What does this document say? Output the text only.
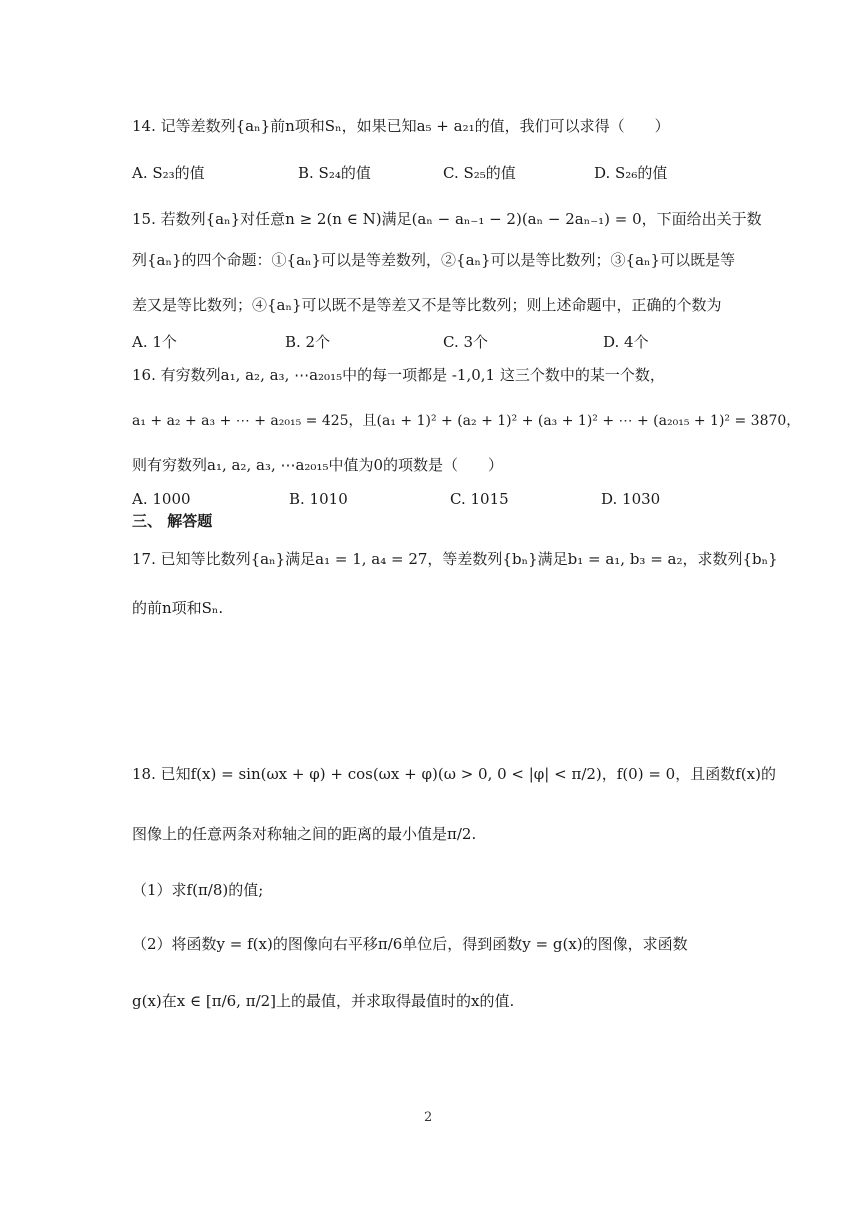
14. 记等差数列{aₙ}前n项和Sₙ，如果已知a₅ + a₂₁的值，我们可以求得（　　）
A. S₂₃的值	B. S₂₄的值	C. S₂₅的值	D. S₂₆的值
15. 若数列{aₙ}对任意n ≥ 2(n ∈ N)满足(aₙ − aₙ₋₁ − 2)(aₙ − 2aₙ₋₁) = 0，下面给出关于数
列{aₙ}的四个命题：①{aₙ}可以是等差数列，②{aₙ}可以是等比数列；③{aₙ}可以既是等
差又是等比数列；④{aₙ}可以既不是等差又不是等比数列；则上述命题中，正确的个数为
A. 1个	B. 2个	C. 3个	D. 4个
16. 有穷数列a₁, a₂, a₃, ⋯a₂₀₁₅中的每一项都是 -1,0,1 这三个数中的某一个数，
a₁ + a₂ + a₃ + ⋯ + a₂₀₁₅ = 425，且(a₁ + 1)² + (a₂ + 1)² + (a₃ + 1)² + ⋯ + (a₂₀₁₅ + 1)² = 3870，
则有穷数列a₁, a₂, a₃, ⋯a₂₀₁₅中值为0的项数是（　　）
A. 1000	B. 1010	C. 1015	D. 1030
三、 解答题
17. 已知等比数列{aₙ}满足a₁ = 1, a₄ = 27，等差数列{bₙ}满足b₁ = a₁, b₃ = a₂，求数列{bₙ}
的前n项和Sₙ.
18. 已知f(x) = sin(ωx + φ) + cos(ωx + φ)(ω > 0, 0 < |φ| < π/2)，f(0) = 0，且函数f(x)的
图像上的任意两条对称轴之间的距离的最小值是π/2.
（1）求f(π/8)的值;
（2）将函数y = f(x)的图像向右平移π/6单位后，得到函数y = g(x)的图像，求函数
g(x)在x ∈ [π/6, π/2]上的最值，并求取得最值时的x的值.
2
